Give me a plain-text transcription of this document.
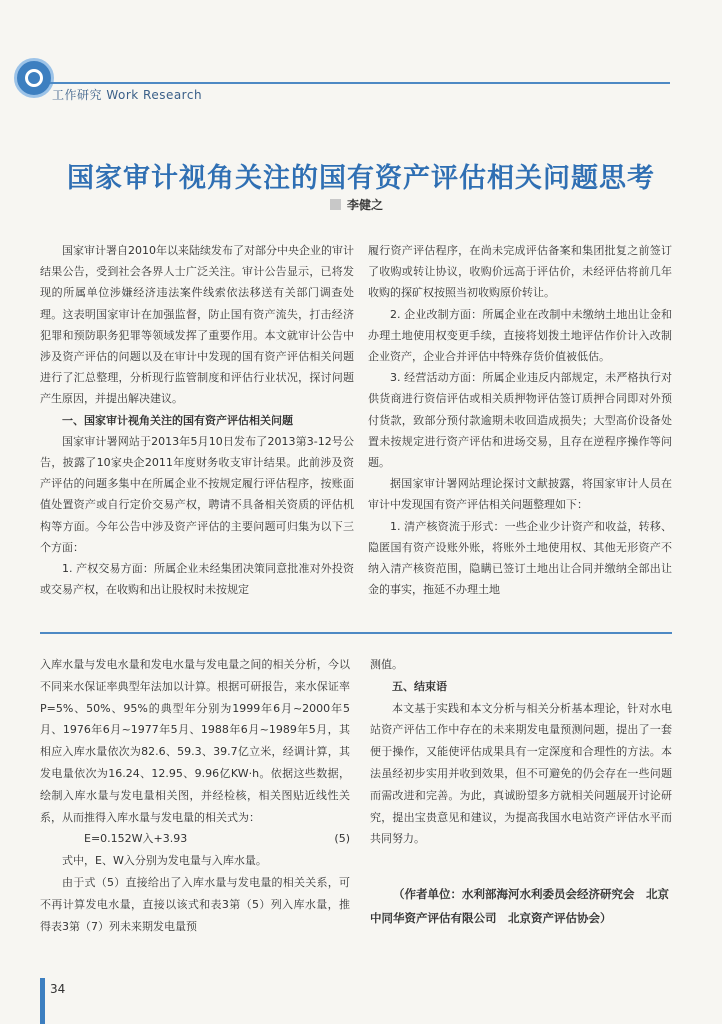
工作研究 Work Research
国家审计视角关注的国有资产评估相关问题思考
李健之

国家审计署自2010年以来陆续发布了对部分中央企业的审计结果公告，受到社会各界人士广泛关注。审计公告显示，已将发现的所属单位涉嫌经济违法案件线索依法移送有关部门调查处理。这表明国家审计在加强监督，防止国有资产流失，打击经济犯罪和预防职务犯罪等领域发挥了重要作用。本文就审计公告中涉及资产评估的问题以及在审计中发现的国有资产评估相关问题进行了汇总整理，分析现行监管制度和评估行业状况，探讨问题产生原因，并提出解决建议。

一、国家审计视角关注的国有资产评估相关问题

国家审计署网站于2013年5月10日发布了2013第3-12号公告，披露了10家央企2011年度财务收支审计结果。此前涉及资产评估的问题多集中在所属企业不按规定履行评估程序，按账面值处置资产或自行定价交易产权，聘请不具备相关资质的评估机构等方面。今年公告中涉及资产评估的主要问题可归集为以下三个方面：

1. 产权交易方面：所属企业未经集团决策同意批准对外投资或交易产权，在收购和出让股权时未按规定

履行资产评估程序，在尚未完成评估备案和集团批复之前签订了收购或转让协议，收购价远高于评估价，未经评估将前几年收购的探矿权按照当初收购原价转让。

2. 企业改制方面：所属企业在改制中未缴纳土地出让金和办理土地使用权变更手续，直接将划拨土地评估作价计入改制企业资产，企业合并评估中特殊存货价值被低估。

3. 经营活动方面：所属企业违反内部规定，未严格执行对供货商进行资信评估或相关质押物评估签订质押合同即对外预付货款，致部分预付款逾期未收回造成损失；大型高价设备处置未按规定进行资产评估和进场交易，且存在逆程序操作等问题。

据国家审计署网站理论探讨文献披露，将国家审计人员在审计中发现国有资产评估相关问题整理如下：

1. 清产核资流于形式：一些企业少计资产和收益，转移、隐匿国有资产设账外账，将账外土地使用权、其他无形资产不纳入清产核资范围，隐瞒已签订土地出让合同并缴纳全部出让金的事实，拖延不办理土地

入库水量与发电水量和发电水量与发电量之间的相关分析，今以不同来水保证率典型年法加以计算。根据可研报告，来水保证率P=5%、50%、95%的典型年分别为1999年6月~2000年5月、1976年6月~1977年5月、1988年6月~1989年5月，其相应入库水量依次为82.6、59.3、39.7亿立米，经调计算，其发电量依次为16.24、12.95、9.96亿KW·h。依据这些数据，绘制入库水量与发电量相关图，并经检核，相关图贴近线性关系，从而推得入库水量与发电量的相关式为：

E=0.152W入+3.93	(5)

式中，E、W入分别为发电量与入库水量。

由于式（5）直接给出了入库水量与发电量的相关关系，可不再计算发电水量，直接以该式和表3第（5）列入库水量，推得表3第（7）列未来期发电量预

测值。

五、结束语

本文基于实践和本文分析与相关分析基本理论，针对水电站资产评估工作中存在的未来期发电量预测问题，提出了一套便于操作，又能使评估成果具有一定深度和合理性的方法。本法虽经初步实用并收到效果，但不可避免的仍会存在一些问题而需改进和完善。为此，真诚盼望多方就相关问题展开讨论研究，提出宝贵意见和建议，为提高我国水电站资产评估水平而共同努力。

（作者单位：水利部海河水利委员会经济研究会　北京中同华资产评估有限公司　北京资产评估协会）

34
